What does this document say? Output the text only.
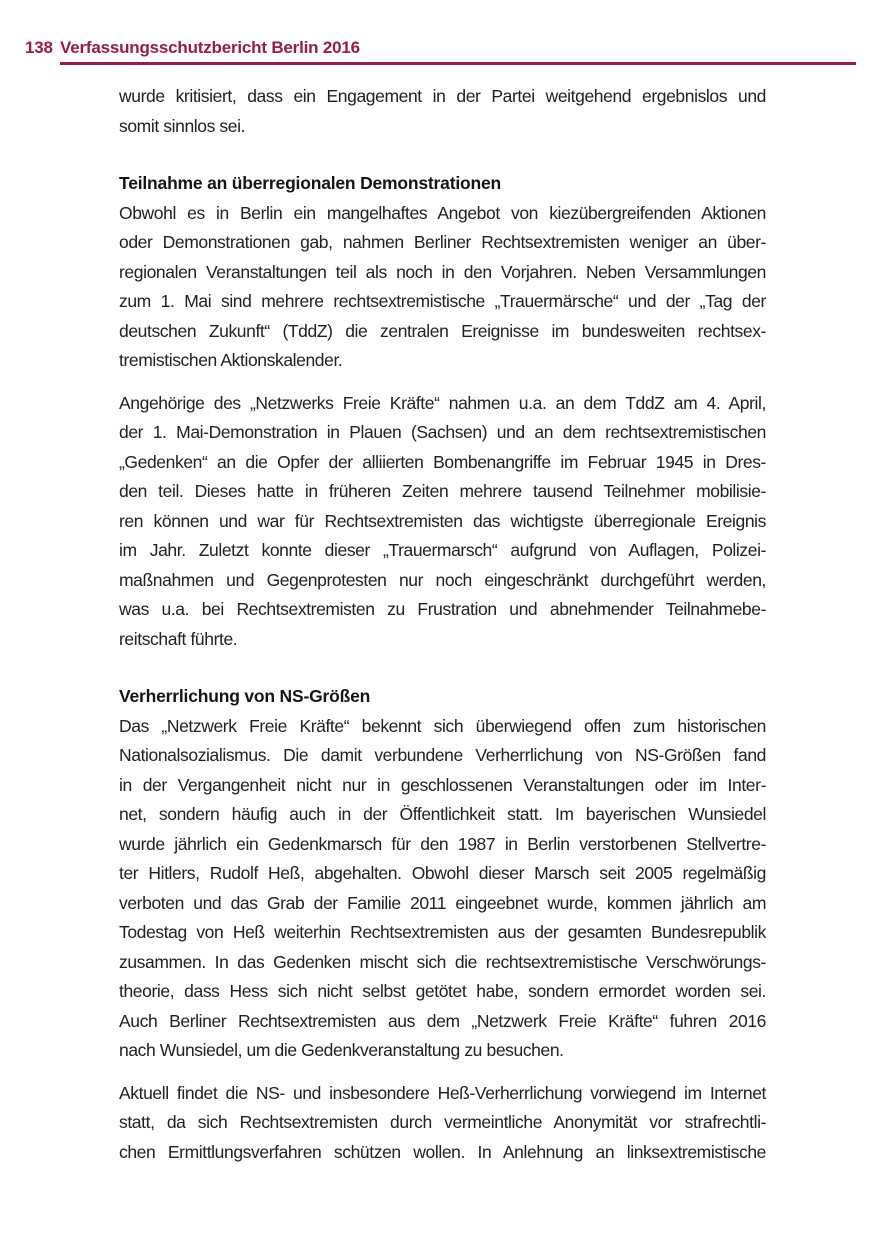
138 Verfassungsschutzbericht Berlin 2016
wurde kritisiert, dass ein Engagement in der Partei weitgehend ergebnislos und
somit sinnlos sei.
Teilnahme an überregionalen Demonstrationen
Obwohl es in Berlin ein mangelhaftes Angebot von kiezübergreifenden Aktionen
oder Demonstrationen gab, nahmen Berliner Rechtsextremisten weniger an über-
regionalen Veranstaltungen teil als noch in den Vorjahren. Neben Versammlungen
zum 1. Mai sind mehrere rechtsextremistische „Trauermärsche“ und der „Tag der
deutschen Zukunft“ (TddZ) die zentralen Ereignisse im bundesweiten rechtsex-
tremistischen Aktionskalender.
Angehörige des „Netzwerks Freie Kräfte“ nahmen u.a. an dem TddZ am 4. April,
der 1. Mai-Demonstration in Plauen (Sachsen) und an dem rechtsextremistischen
„Gedenken“ an die Opfer der alliierten Bombenangriffe im Februar 1945 in Dres-
den teil. Dieses hatte in früheren Zeiten mehrere tausend Teilnehmer mobilisie-
ren können und war für Rechtsextremisten das wichtigste überregionale Ereignis
im Jahr. Zuletzt konnte dieser „Trauermarsch“ aufgrund von Auflagen, Polizei-
maßnahmen und Gegenprotesten nur noch eingeschränkt durchgeführt werden,
was u.a. bei Rechtsextremisten zu Frustration und abnehmender Teilnahmebe-
reitschaft führte.
Verherrlichung von NS-Größen
Das „Netzwerk Freie Kräfte“ bekennt sich überwiegend offen zum historischen
Nationalsozialismus. Die damit verbundene Verherrlichung von NS-Größen fand
in der Vergangenheit nicht nur in geschlossenen Veranstaltungen oder im Inter-
net, sondern häufig auch in der Öffentlichkeit statt. Im bayerischen Wunsiedel
wurde jährlich ein Gedenkmarsch für den 1987 in Berlin verstorbenen Stellvertre-
ter Hitlers, Rudolf Heß, abgehalten. Obwohl dieser Marsch seit 2005 regelmäßig
verboten und das Grab der Familie 2011 eingeebnet wurde, kommen jährlich am
Todestag von Heß weiterhin Rechtsextremisten aus der gesamten Bundesrepublik
zusammen. In das Gedenken mischt sich die rechtsextremistische Verschwörungs-
theorie, dass Hess sich nicht selbst getötet habe, sondern ermordet worden sei.
Auch Berliner Rechtsextremisten aus dem „Netzwerk Freie Kräfte“ fuhren 2016
nach Wunsiedel, um die Gedenkveranstaltung zu besuchen.
Aktuell findet die NS- und insbesondere Heß-Verherrlichung vorwiegend im Internet
statt, da sich Rechtsextremisten durch vermeintliche Anonymität vor strafrechtli-
chen Ermittlungsverfahren schützen wollen. In Anlehnung an linksextremistische
